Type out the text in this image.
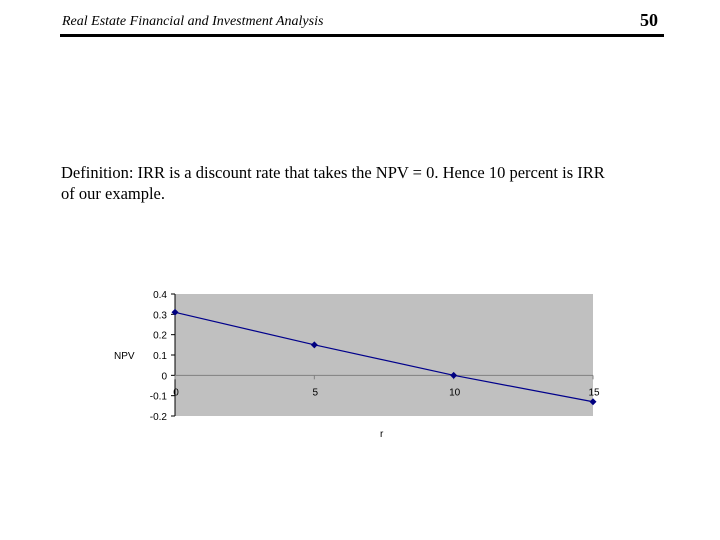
Real Estate Financial and Investment Analysis	50
Definition: IRR is a discount rate that takes the NPV = 0. Hence 10 percent is IRR
of our example.
0.4
0.3
0.2
0.1
0
-0.1
-0.2
0	5	10	15
NPV
r
